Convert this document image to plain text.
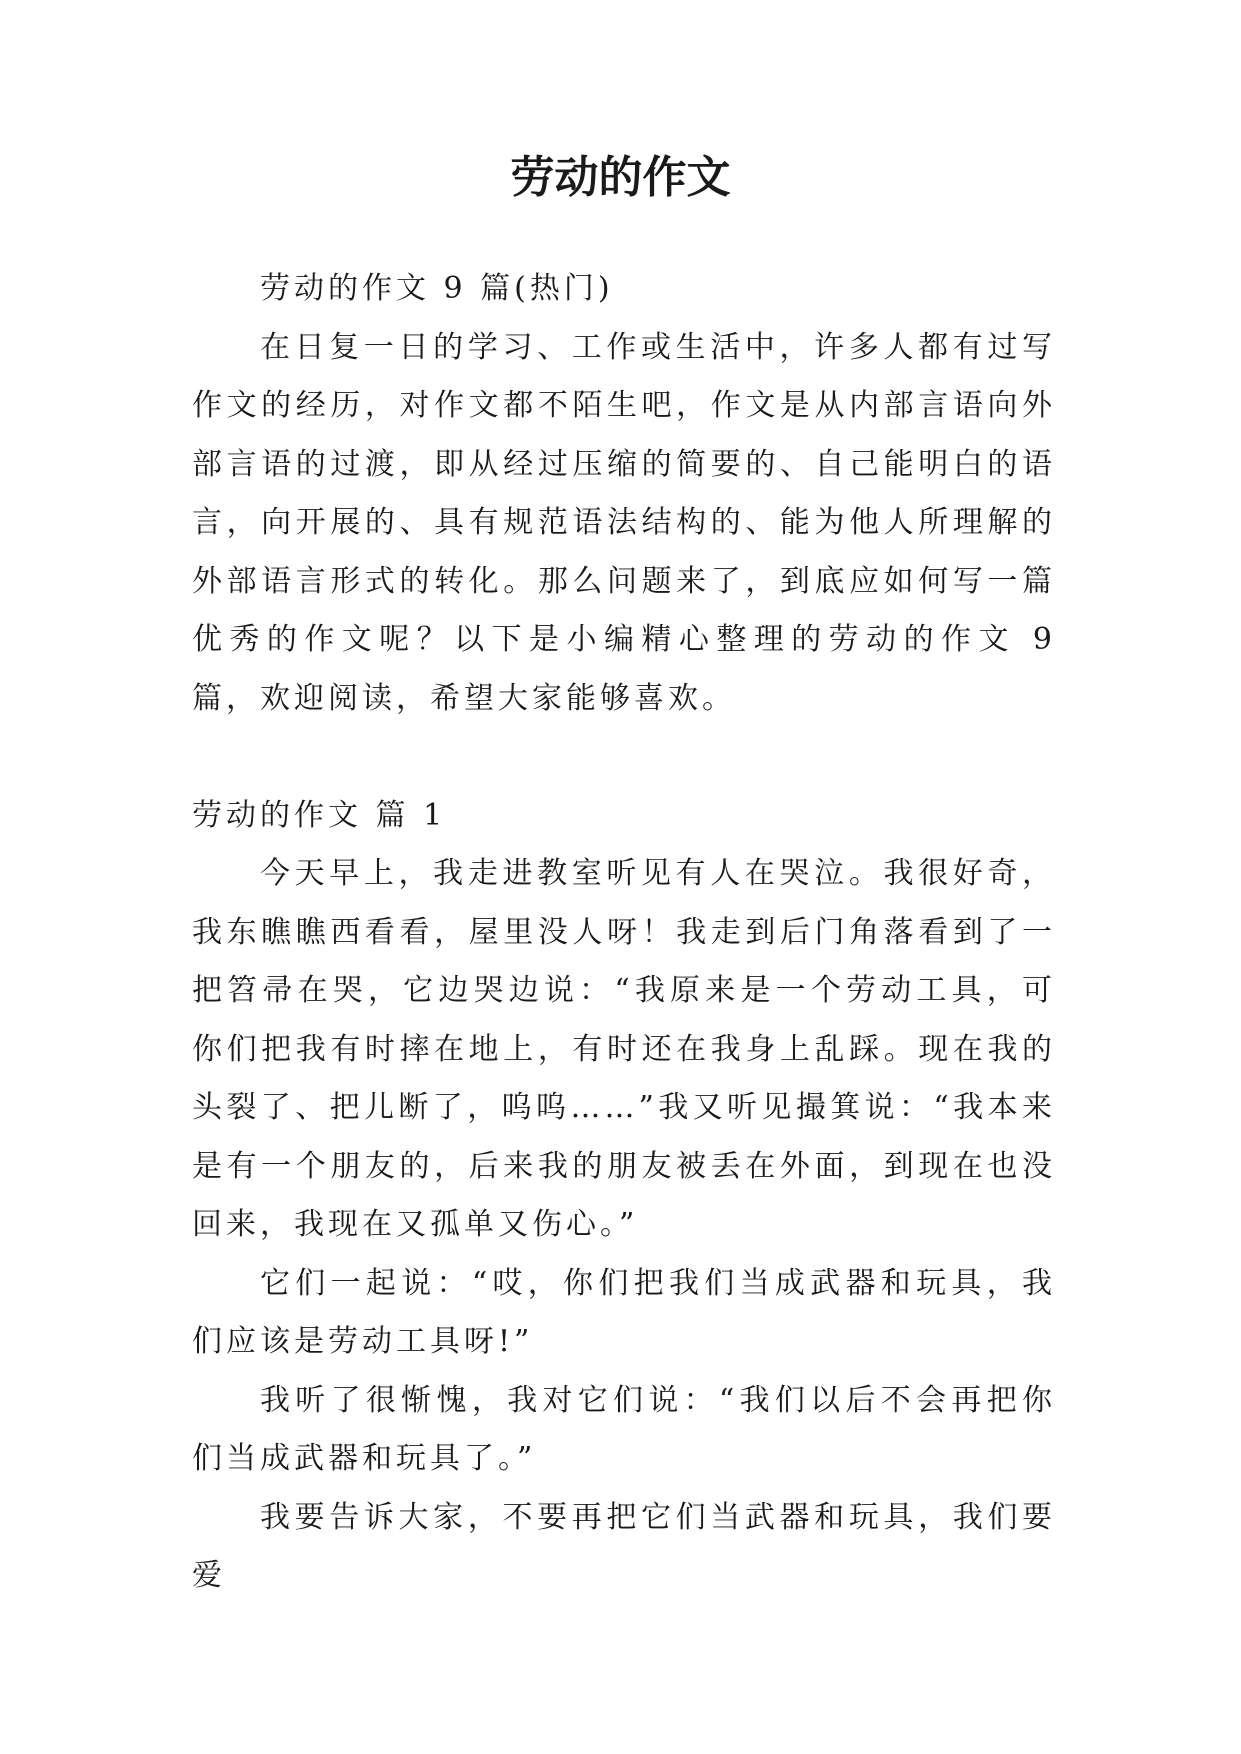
劳动的作文

劳动的作文 9 篇(热门)

在日复一日的学习、工作或生活中，许多人都有过写作文的经历，对作文都不陌生吧，作文是从内部言语向外部言语的过渡，即从经过压缩的简要的、自己能明白的语言，向开展的、具有规范语法结构的、能为他人所理解的外部语言形式的转化。那么问题来了，到底应如何写一篇优秀的作文呢？以下是小编精心整理的劳动的作文 9 篇，欢迎阅读，希望大家能够喜欢。

劳动的作文 篇 1

今天早上，我走进教室听见有人在哭泣。我很好奇，我东瞧瞧西看看，屋里没人呀！我走到后门角落看到了一把笤帚在哭，它边哭边说：“我原来是一个劳动工具，可你们把我有时摔在地上，有时还在我身上乱踩。现在我的头裂了、把儿断了，呜呜……”我又听见撮箕说：“我本来是有一个朋友的，后来我的朋友被丢在外面，到现在也没回来，我现在又孤单又伤心。”

它们一起说：“哎，你们把我们当成武器和玩具，我们应该是劳动工具呀!”

我听了很惭愧，我对它们说：“我们以后不会再把你们当成武器和玩具了。”

我要告诉大家，不要再把它们当武器和玩具，我们要爱
